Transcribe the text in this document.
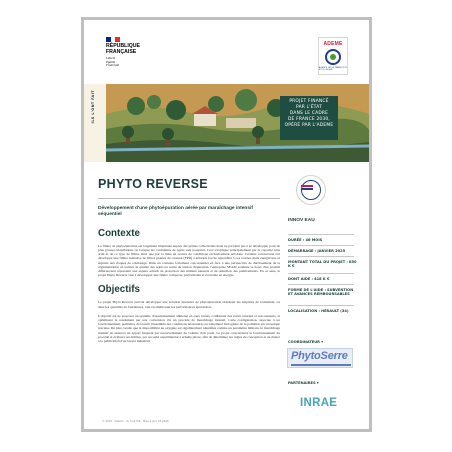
RÉPUBLIQUE
FRANÇAISE
Liberté
Égalité
Fraternité
ADEME
AGENCE DE LA TRANSITION ÉCOLOGIQUE
ILS L'ONT FAIT	PROJET FINANCÉ
PAR L'ÉTAT
DANS LE CADRE
DE FRANCE 2030,
OPÉRÉ PAR L'ADEME
PHYTO REVERSE
Développement d'une phytoépuration aérée par maraîchage intensif
séquentiel
Contexte
La filière de phytoépuration est largement implantée auprès des petites collectivités mais ne parvient pas à se développer pour de plus grosses installations ou lorsque les contraintes de rejets sont poussées. Ceci s'explique principalement par la capacité sans arrêt et de ce type de filière ainsi que par la mise en oeuvre de conditions exclusivement aérobies. Certains concurrents ont développé une filière intensive de filtres plantés de roseaux (FPR) à aération forcée répondant à ces tournes mais énergivores et sujettes aux risques de colmatage. Dans un contexte fortement concurrentiel en face à une perspective de durcissement de la réglementation en termes de qualité des rejets en sortie de station d'épuration, l'entreprise SEAM souhaite se doter d'un produit différenciant répondant aux enjeux actuels de protection des milieux naturels et de réduction des prélèvements. En ce sens, le projet Phyto Reverse vise à développer une filière compacte, performante et économe en énergie.
Objectifs
Le projet Phyto Reverse prévoit développer une solution intensive de phytoépuration réduisant les emprises de traitement, ou dans les quantités de fournitures, tout en améliorant les performances épuratoires.
L'objectif est de proposer un système d'assainissement alimenté en eaux brutes, combinant des zones saturées et non-saturées, et optimisant le rendement par une conversion via un procédé de maraîchage intensif. Cette configuration, associée à un fonctionnement, permettra de fournir l'ensemble des conditions nécessaires au traitement biologique de la pollution sur un unique réacteur. De plus, tandis que la disponibilité en oxygène est régulièrement identifiée comme un paramètre limitant, le maraîchage intensif en assurera un apport fréquent par renouvellement du volume d'air poral. Le projet caractérisera le fonctionnement du procédé et évaluera ses limites, par un suivi expérimental à échelle pilote, afin de déterminer les règles de conception et de mener à la publication d'un brevet industriel.
© 2025 · Ademe · Ils l'ont fait · Mise à jour 03.2025
INNOV EAU
DURÉE : 46 MOIS
DÉMARRAGE : JANVIER 2025
MONTANT TOTAL DU PROJET : 850 K €
DONT AIDE : 418 K €
FORME DE L'AIDE : SUBVENTION ET AVANCES REMBOURSABLES
LOCALISATION : HÉRAULT (34)
COORDINATEUR ▾
PhytoSerre
PARTENAIRES ▾
INRAE
